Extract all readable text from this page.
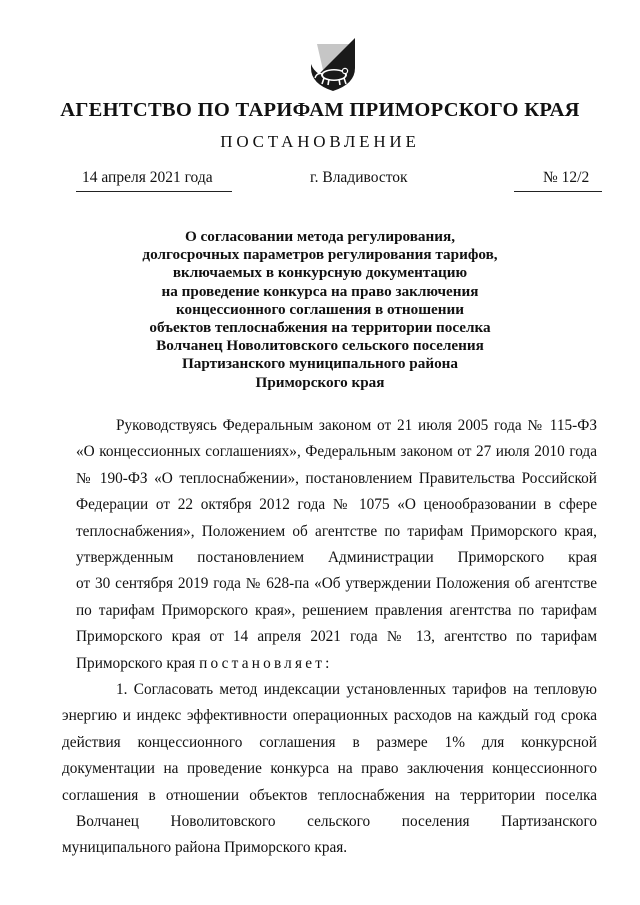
АГЕНТСТВО ПО ТАРИФАМ ПРИМОРСКОГО КРАЯ
ПОСТАНОВЛЕНИЕ
14 апреля 2021 года	г. Владивосток	№ 12/2
О согласовании метода регулирования,
долгосрочных параметров регулирования тарифов,
включаемых в конкурсную документацию
на проведение конкурса на право заключения
концессионного соглашения в отношении
объектов теплоснабжения на территории поселка
Волчанец Новолитовского сельского поселения
Партизанского муниципального района
Приморского края
Руководствуясь Федеральным законом от 21 июля 2005 года № 115-ФЗ
«О концессионных соглашениях», Федеральным законом от 27 июля 2010 года
№ 190-ФЗ «О теплоснабжении», постановлением Правительства Российской
Федерации от 22 октября 2012 года № 1075 «О ценообразовании в сфере
теплоснабжения», Положением об агентстве по тарифам Приморского края,
утвержденным постановлением Администрации Приморского края
от 30 сентября 2019 года № 628-па «Об утверждении Положения об агентстве
по тарифам Приморского края», решением правления агентства по тарифам
Приморского края от 14 апреля 2021 года № 13, агентство по тарифам
Приморского края постановляет:
1. Согласовать метод индексации установленных тарифов на тепловую
энергию и индекс эффективности операционных расходов на каждый год срока
действия концессионного соглашения в размере 1% для конкурсной
документации на проведение конкурса на право заключения концессионного
соглашения в отношении объектов теплоснабжения на территории поселка
Волчанец Новолитовского сельского поселения Партизанского
муниципального района Приморского края.
